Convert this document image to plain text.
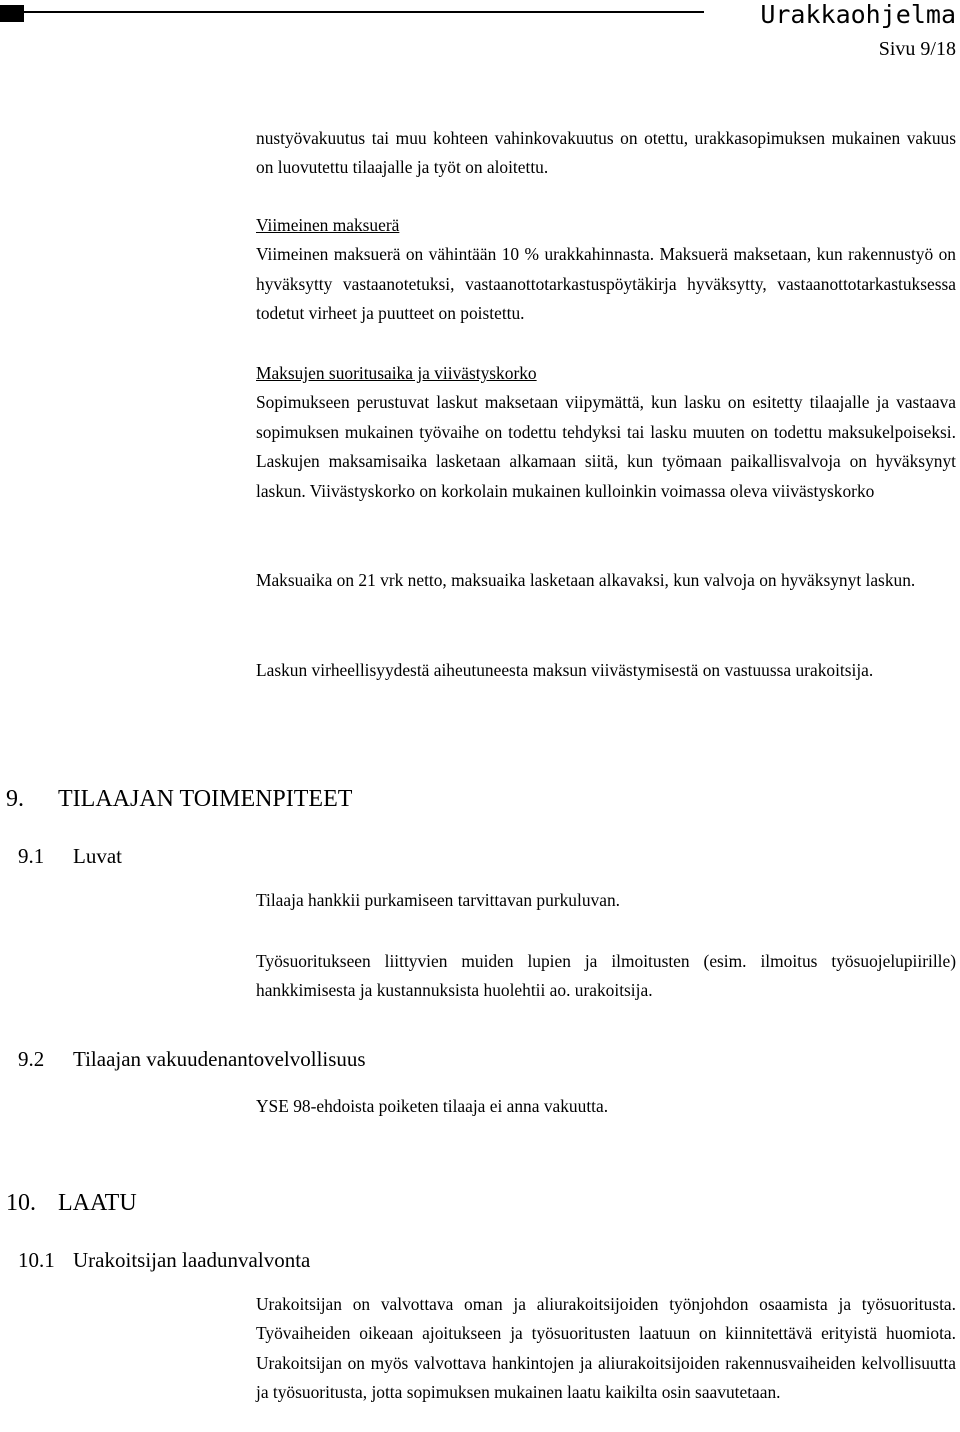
Urakkaohjelma
Sivu 9/18

nustyövakuutus tai muu kohteen vahinkovakuutus on otettu, urakkasopimuksen mukainen vakuus on luovutettu tilaajalle ja työt on aloitettu.

Viimeinen maksuerä

Viimeinen maksuerä on vähintään 10 % urakkahinnasta. Maksuerä maksetaan, kun rakennustyö on hyväksytty vastaanotetuksi, vastaanottotarkastuspöytäkirja hyväksytty, vastaanottotarkastuksessa todetut virheet ja puutteet on poistettu.

Maksujen suoritusaika ja viivästyskorko

Sopimukseen perustuvat laskut maksetaan viipymättä, kun lasku on esitetty tilaajalle ja vastaava sopimuksen mukainen työvaihe on todettu tehdyksi tai lasku muuten on todettu maksukelpoiseksi. Laskujen maksamisaika lasketaan alkamaan siitä, kun työmaan paikallisvalvoja on hyväksynyt laskun. Viivästyskorko on korkolain mukainen kulloinkin voimassa oleva viivästyskorko

Maksuaika on 21 vrk netto, maksuaika lasketaan alkavaksi, kun valvoja on hyväksynyt laskun.

Laskun virheellisyydestä aiheutuneesta maksun viivästymisestä on vastuussa urakoitsija.

9. TILAAJAN TOIMENPITEET
9.1 Luvat

Tilaaja hankkii purkamiseen tarvittavan purkuluvan.

Työsuoritukseen liittyvien muiden lupien ja ilmoitusten (esim. ilmoitus työsuojelupiirille) hankkimisesta ja kustannuksista huolehtii ao. urakoitsija.

9.2 Tilaajan vakuudenantovelvollisuus

YSE 98-ehdoista poiketen tilaaja ei anna vakuutta.

10. LAATU
10.1 Urakoitsijan laadunvalvonta

Urakoitsijan on valvottava oman ja aliurakoitsijoiden työnjohdon osaamista ja työsuoritusta. Työvaiheiden oikeaan ajoitukseen ja työsuoritusten laatuun on kiinnitettävä erityistä huomiota. Urakoitsijan on myös valvottava hankintojen ja aliurakoitsijoiden rakennusvaiheiden kelvollisuutta ja työsuoritusta, jotta sopimuksen mukainen laatu kaikilta osin saavutetaan.
